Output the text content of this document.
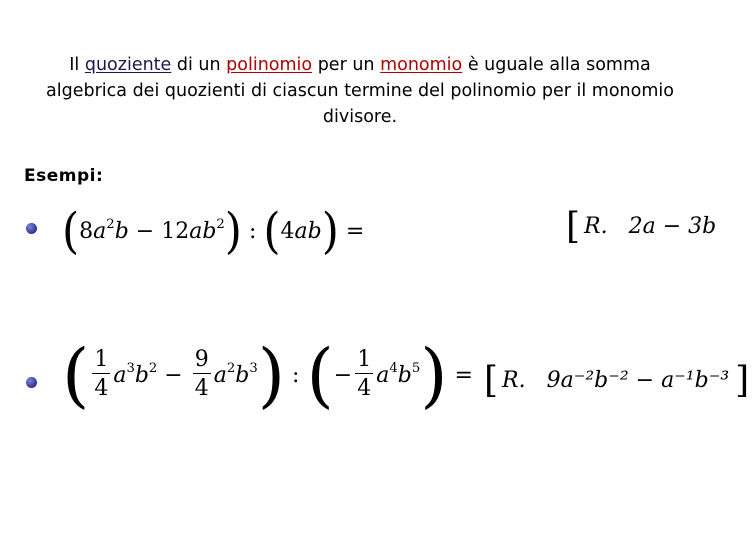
Il quoziente di un polinomio per un monomio è uguale alla somma algebrica dei quozienti di ciascun termine del polinomio per il monomio divisore.
Esempi:
( $8a^2b - 12ab^2$ ) : ( 4ab ) =	[ R.
2a − 3b
( $\frac{1}{4} a^3b^2 - \frac{9}{4} a^2b^3$ ) : ( − $\frac{1}{4} a^4b^5$ ) = [ R.
9a⁻²b⁻² − a⁻¹b⁻³ ]
